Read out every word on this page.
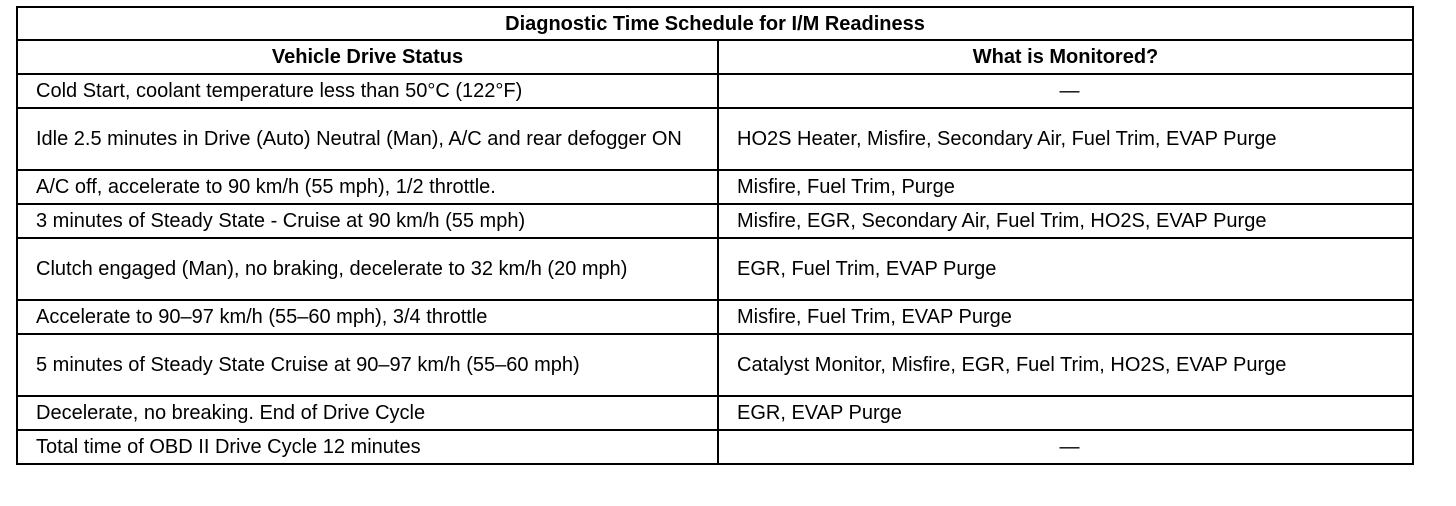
Diagnostic Time Schedule for I/M Readiness	
Vehicle Drive Status	What is Monitored?
Cold Start, coolant temperature less than 50°C (122°F)	—
Idle 2.5 minutes in Drive (Auto) Neutral (Man), A/C and rear defogger ON	HO2S Heater, Misfire, Secondary Air, Fuel Trim, EVAP Purge
A/C off, accelerate to 90 km/h (55 mph), 1/2 throttle.	Misfire, Fuel Trim, Purge
3 minutes of Steady State - Cruise at 90 km/h (55 mph)	Misfire, EGR, Secondary Air, Fuel Trim, HO2S, EVAP Purge
Clutch engaged (Man), no braking, decelerate to 32 km/h (20 mph)	EGR, Fuel Trim, EVAP Purge
Accelerate to 90–97 km/h (55–60 mph), 3/4 throttle	Misfire, Fuel Trim, EVAP Purge
5 minutes of Steady State Cruise at 90–97 km/h (55–60 mph)	Catalyst Monitor, Misfire, EGR, Fuel Trim, HO2S, EVAP Purge
Decelerate, no breaking. End of Drive Cycle	EGR, EVAP Purge
Total time of OBD II Drive Cycle 12 minutes	—
